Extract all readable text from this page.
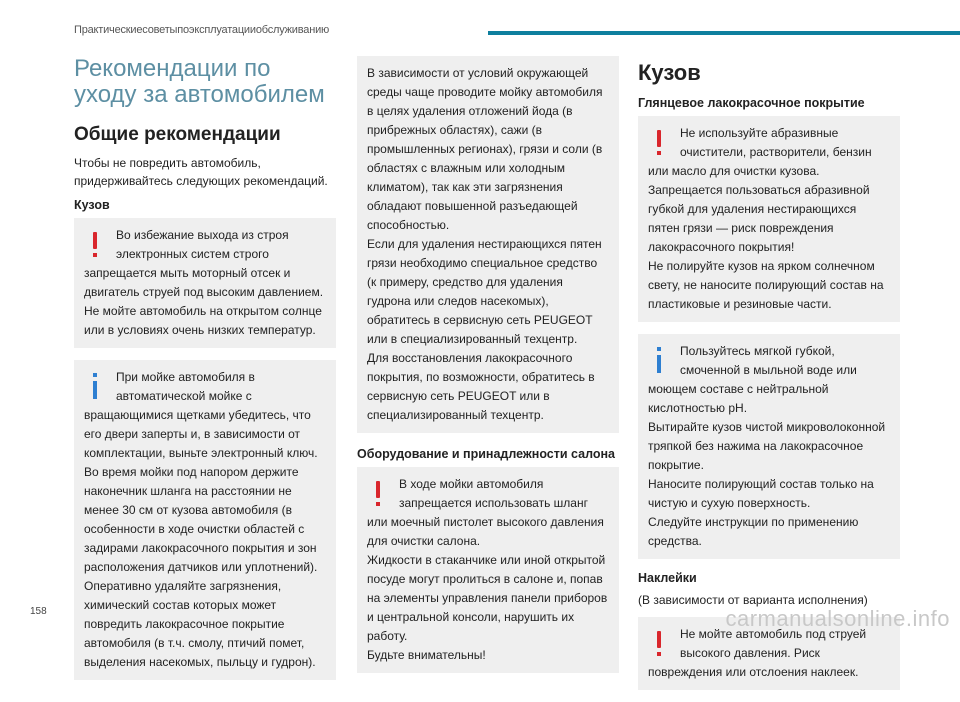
Практическиесоветыпоэксплуатацииобслуживанию
Рекомендации по уходу за автомобилем
Общие рекомендации

Чтобы не повредить автомобиль, придерживайтесь следующих рекомендаций.

Кузов

Во избежание выхода из строя электронных систем строго запрещается мыть моторный отсек и двигатель струей под высоким давлением.

Не мойте автомобиль на открытом солнце или в условиях очень низких температур.

При мойке автомобиля в автоматической мойке с вращающимися щетками убедитесь, что его двери заперты и, в зависимости от комплектации, выньте электронный ключ.

Во время мойки под напором держите наконечник шланга на расстоянии не менее 30 см от кузова автомобиля (в особенности в ходе очистки областей с задирами лакокрасочного покрытия и зон расположения датчиков или уплотнений).

Оперативно удаляйте загрязнения, химический состав которых может повредить лакокрасочное покрытие автомобиля (в т.ч. смолу, птичий помет, выделения насекомых, пыльцу и гудрон).

В зависимости от условий окружающей среды чаще проводите мойку автомобиля в целях удаления отложений йода (в прибрежных областях), сажи (в промышленных регионах), грязи и соли (в областях с влажным или холодным климатом), так как эти загрязнения обладают повышенной разъедающей способностью.

Если для удаления нестирающихся пятен грязи необходимо специальное средство (к примеру, средство для удаления гудрона или следов насекомых), обратитесь в сервисную сеть PEUGEOT или в специализированный техцентр.

Для восстановления лакокрасочного покрытия, по возможности, обратитесь в сервисную сеть PEUGEOT или в специализированный техцентр.

Оборудование и принадлежности салона

В ходе мойки автомобиля запрещается использовать шланг или моечный пистолет высокого давления для очистки салона.

Жидкости в стаканчике или иной открытой посуде могут пролиться в салоне и, попав на элементы управления панели приборов и центральной консоли, нарушить их работу.

Будьте внимательны!

Кузов
Глянцевое лакокрасочное покрытие

Не используйте абразивные очистители, растворители, бензин или масло для очистки кузова.

Запрещается пользоваться абразивной губкой для удаления нестирающихся пятен грязи — риск повреждения лакокрасочного покрытия!

Не полируйте кузов на ярком солнечном свету, не наносите полирующий состав на пластиковые и резиновые части.

Пользуйтесь мягкой губкой, смоченной в мыльной воде или моющем составе с нейтральной кислотностью pH.

Вытирайте кузов чистой микроволоконной тряпкой без нажима на лакокрасочное покрытие.

Наносите полирующий состав только на чистую и сухую поверхность.

Следуйте инструкции по применению средства.

Наклейки

(В зависимости от варианта исполнения)

Не мойте автомобиль под струей высокого давления. Риск повреждения или отслоения наклеек.

158	carmanualsonline.info
